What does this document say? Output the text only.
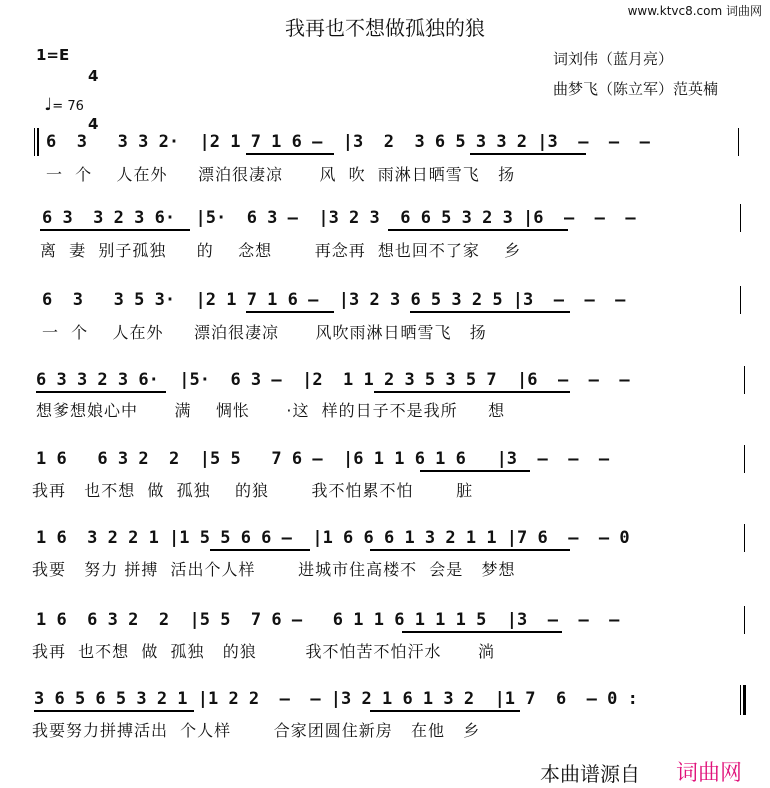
我再也不想做孤独的狼
www.ktvc8.com 词曲网
1=E

4

4

♩= 76

词刘伟（蓝月亮）
曲梦飞（陈立军）范英楠
6  3   3 3 2·  |2 1 7 1 6 –  |3  2  3 6 5 3 3 2 |3  –  –  –
一  个    人在外     漂泊很凄凉      风  吹  雨淋日晒雪飞   扬
6 3  3 2 3 6·  |5·  6 3 –  |3 2 3  6 6 5 3 2 3 |6  –  –  –
离  妻  别子孤独     的    念想       再念再  想也回不了家    乡
6  3   3 5 3·  |2 1 7 1 6 –  |3 2 3 6 5 3 2 5 |3  –  –  –
一  个    人在外     漂泊很凄凉      风吹雨淋日晒雪飞   扬
6 3 3 2 3 6·  |5·  6 3 –  |2  1 1 2 3 5 3 5 7  |6  –  –  –
想爹想娘心中      满    惆怅      ·这  样的日子不是我所     想
1 6   6 3 2  2  |5 5   7 6 –  |6 1 1 6 1 6   |3  –  –  –
我再   也不想  做  孤独    的狼       我不怕累不怕       脏
1 6  3 2 2 1 |1 5 5 6 6 –  |1 6 6 6 1 3 2 1 1 |7 6  –  – 0
我要   努力 拼搏  活出个人样       进城市住高楼不  会是   梦想
1 6  6 3 2  2  |5 5  7 6 –   6 1 1 6 1 1 1 5  |3  –  –  –
我再  也不想  做  孤独   的狼        我不怕苦不怕汗水      淌
3 6 5 6 5 3 2 1 |1 2 2  –  – |3 2 1 6 1 3 2  |1 7  6  – 0 :
我要努力拼搏活出  个人样       合家团圆住新房   在他   乡
本曲谱源自 词曲网
